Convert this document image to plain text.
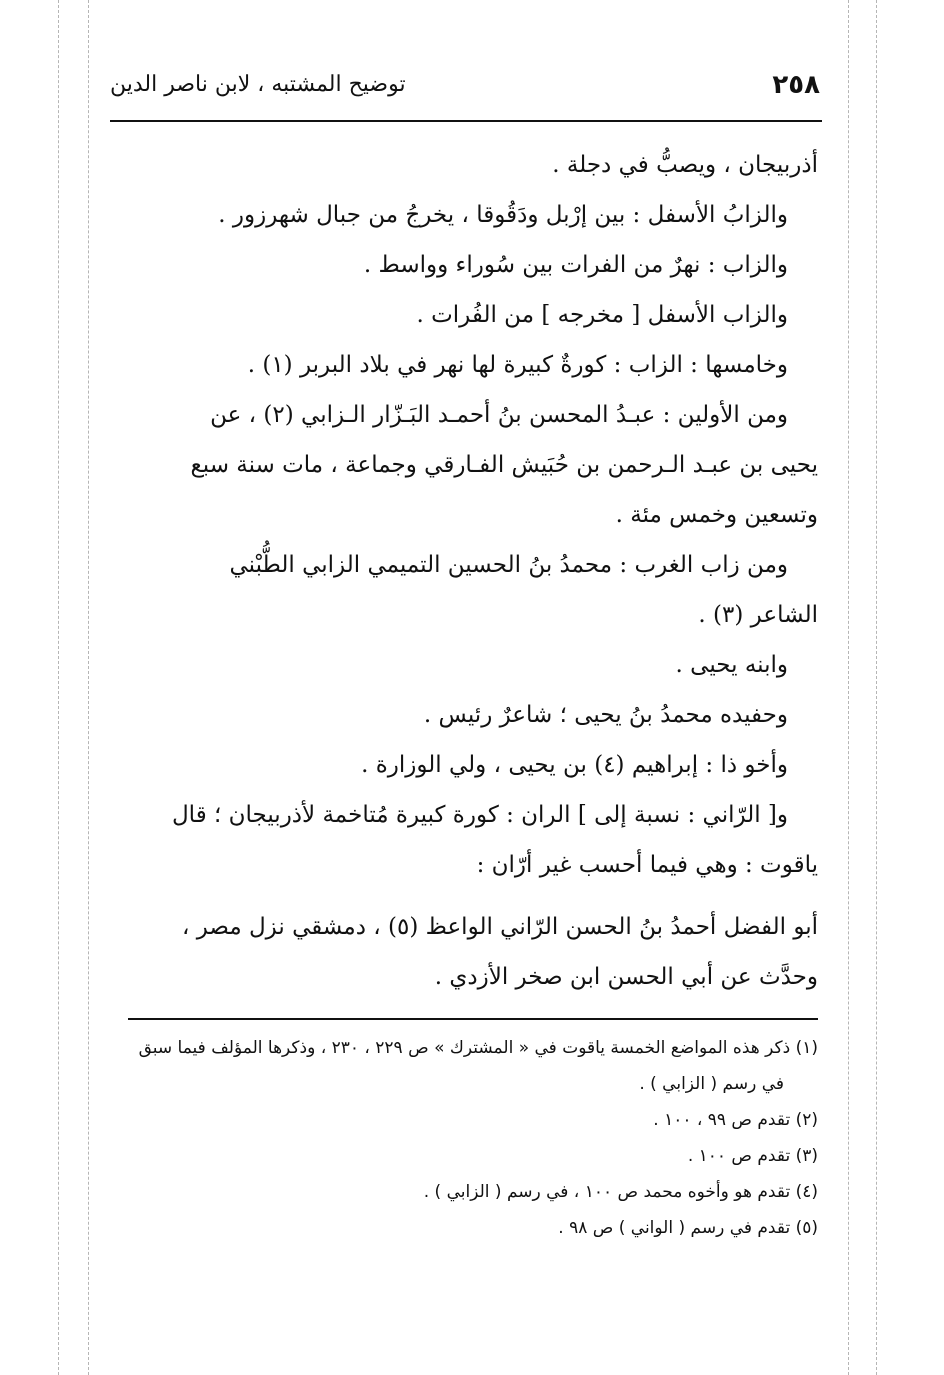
٢٥٨
توضيح المشتبه ، لابن ناصر الدين
أذربيجان ، ويصبُّ في دجلة .
والزابُ الأسفل : بين إرْبل ودَقُوقا ، يخرجُ من جبال شهرزور .
والزاب : نهرٌ من الفرات بين سُوراء وواسط .
والزاب الأسفل [ مخرجه ] من الفُرات .
وخامسها : الزاب : كورةٌ كبيرة لها نهر في بلاد البربر (١) .
ومن الأولين : عبـدُ المحسن بنُ أحمـد البَـزّار الـزابي (٢) ، عن
يحيى بن عبـد الـرحمن بن حُبَيش الفـارقي وجماعة ، مات سنة سبع
وتسعين وخمس مئة .
ومن زاب الغرب : محمدُ بنُ الحسين التميمي الزابي الطُّبْني
الشاعر (٣) .
وابنه يحيى .
وحفيده محمدُ بنُ يحيى ؛ شاعرٌ رئيس .
وأخو ذا : إبراهيم (٤) بن يحيى ، ولي الوزارة .
و[ الرّاني : نسبة إلى ] الران : كورة كبيرة مُتاخمة لأذربيجان ؛ قال
ياقوت : وهي فيما أحسب غير أرّان :
أبو الفضل أحمدُ بنُ الحسن الرّاني الواعظ (٥) ، دمشقي نزل مصر ،
وحدَّث عن أبي الحسن ابن صخر الأزدي .
(١) ذكر هذه المواضع الخمسة ياقوت في « المشترك » ص ٢٢٩ ، ٢٣٠ ، وذكرها المؤلف فيما سبق
في رسم ( الزابي ) .
(٢) تقدم ص ٩٩ ، ١٠٠ .
(٣) تقدم ص ١٠٠ .
(٤) تقدم هو وأخوه محمد ص ١٠٠ ، في رسم ( الزابي ) .
(٥) تقدم في رسم ( الواني ) ص ٩٨ .
